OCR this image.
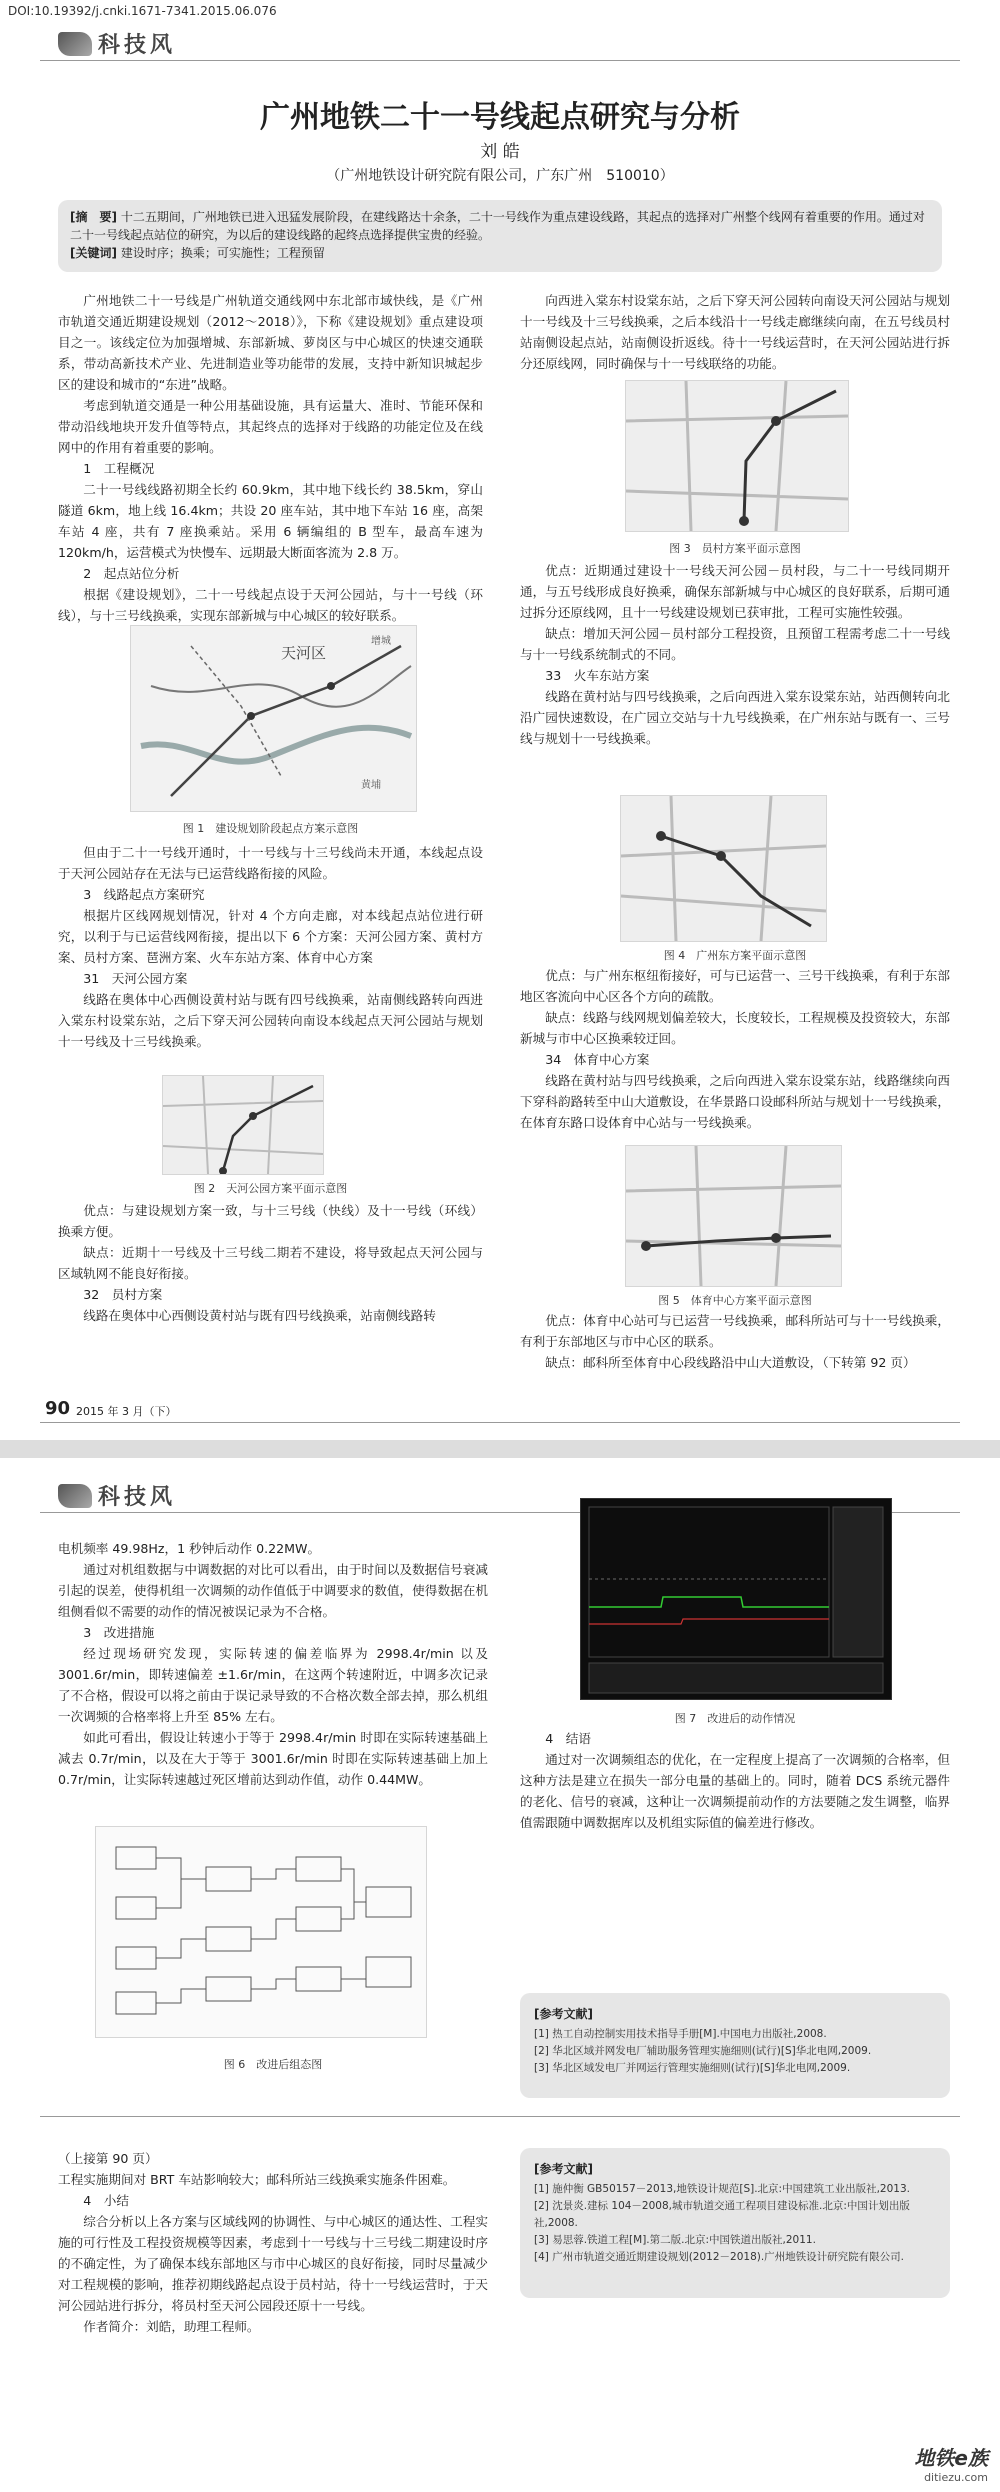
DOI:10.19392/j.cnki.1671-7341.2015.06.076
科技风
广州地铁二十一号线起点研究与分析
刘 皓
（广州地铁设计研究院有限公司，广东广州　510010）
[摘　要] 十二五期间，广州地铁已进入迅猛发展阶段，在建线路达十余条，二十一号线作为重点建设线路，其起点的选择对广州整个线网有着重要的作用。通过对二十一号线起点站位的研究，为以后的建设线路的起终点选择提供宝贵的经验。
[关键词] 建设时序；换乘；可实施性；工程预留

广州地铁二十一号线是广州轨道交通线网中东北部市域快线，是《广州市轨道交通近期建设规划（2012～2018）》，下称《建设规划》重点建设项目之一。该线定位为加强增城、东部新城、萝岗区与中心城区的快速交通联系，带动高新技术产业、先进制造业等功能带的发展，支持中新知识城起步区的建设和城市的“东进”战略。

考虑到轨道交通是一种公用基础设施，具有运量大、准时、节能环保和带动沿线地块开发升值等特点，其起终点的选择对于线路的功能定位及在线网中的作用有着重要的影响。

1　工程概况

二十一号线线路初期全长约 60.9km，其中地下线长约 38.5km，穿山隧道 6km，地上线 16.4km；共设 20 座车站，其中地下车站 16 座，高架车站 4 座，共有 7 座换乘站。采用 6 辆编组的 B 型车，最高车速为 120km/h，运营模式为快慢车、远期最大断面客流为 2.8 万。

2　起点站位分析

根据《建设规划》，二十一号线起点设于天河公园站，与十一号线（环线），与十三号线换乘，实现东部新城与中心城区的较好联系。

天河区
增城
黄埔
图 1　建设规划阶段起点方案示意图

但由于二十一号线开通时，十一号线与十三号线尚未开通，本线起点设于天河公园站存在无法与已运营线路衔接的风险。

3　线路起点方案研究

根据片区线网规划情况，针对 4 个方向走廊，对本线起点站位进行研究，以利于与已运营线网衔接，提出以下 6 个方案：天河公园方案、黄村方案、员村方案、琶洲方案、火车东站方案、体育中心方案

31　天河公园方案

线路在奥体中心西侧设黄村站与既有四号线换乘，站南侧线路转向西进入棠东村设棠东站，之后下穿天河公园转向南设本线起点天河公园站与规划十一号线及十三号线换乘。

图 2　天河公园方案平面示意图

优点：与建设规划方案一致，与十三号线（快线）及十一号线（环线）换乘方便。

缺点：近期十一号线及十三号线二期若不建设，将导致起点天河公园与区域轨网不能良好衔接。

32　员村方案

线路在奥体中心西侧设黄村站与既有四号线换乘，站南侧线路转

向西进入棠东村设棠东站，之后下穿天河公园转向南设天河公园站与规划十一号线及十三号线换乘，之后本线沿十一号线走廊继续向南，在五号线员村站南侧设起点站，站南侧设折返线。待十一号线运营时，在天河公园站进行拆分还原线网，同时确保与十一号线联络的功能。

图 3　员村方案平面示意图

优点：近期通过建设十一号线天河公园－员村段，与二十一号线同期开通，与五号线形成良好换乘，确保东部新城与中心城区的良好联系，后期可通过拆分还原线网，且十一号线建设规划已获审批，工程可实施性较强。

缺点：增加天河公园－员村部分工程投资，且预留工程需考虑二十一号线与十一号线系统制式的不同。

33　火车东站方案

线路在黄村站与四号线换乘，之后向西进入棠东设棠东站，站西侧转向北沿广园快速数设，在广园立交站与十九号线换乘，在广州东站与既有一、三号线与规划十一号线换乘。

图 4　广州东方案平面示意图

优点：与广州东枢纽衔接好，可与已运营一、三号干线换乘，有利于东部地区客流向中心区各个方向的疏散。

缺点：线路与线网规划偏差较大，长度较长，工程规模及投资较大，东部新城与市中心区换乘较迂回。

34　体育中心方案

线路在黄村站与四号线换乘，之后向西进入棠东设棠东站，线路继续向西下穿科韵路转至中山大道敷设，在华景路口设邮科所站与规划十一号线换乘，在体育东路口设体育中心站与一号线换乘。

图 5　体育中心方案平面示意图

优点：体育中心站可与已运营一号线换乘，邮科所站可与十一号线换乘，有利于东部地区与市中心区的联系。

缺点：邮科所至体育中心段线路沿中山大道敷设，（下转第 92 页）

90 2015 年 3 月（下）
科技风

电机频率 49.98Hz，1 秒钟后动作 0.22MW。

通过对机组数据与中调数据的对比可以看出，由于时间以及数据信号衰减引起的误差，使得机组一次调频的动作值低于中调要求的数值，使得数据在机组侧看似不需要的动作的情况被误记录为不合格。

3　改进措施

经过现场研究发现，实际转速的偏差临界为 2998.4r/min 以及 3001.6r/min，即转速偏差 ±1.6r/min，在这两个转速附近，中调多次记录了不合格，假设可以将之前由于误记录导致的不合格次数全部去掉，那么机组一次调频的合格率将上升至 85% 左右。

如此可看出，假设让转速小于等于 2998.4r/min 时即在实际转速基础上减去 0.7r/min，以及在大于等于 3001.6r/min 时即在实际转速基础上加上 0.7r/min，让实际转速越过死区增前达到动作值，动作 0.44MW。

图 6　改进后组态图
图 7　改进后的动作情况

4　结语

通过对一次调频组态的优化，在一定程度上提高了一次调频的合格率，但这种方法是建立在损失一部分电量的基础上的。同时，随着 DCS 系统元器件的老化、信号的衰减，这种让一次调频提前动作的方法要随之发生调整，临界值需跟随中调数据库以及机组实际值的偏差进行修改。

[参考文献]

[1] 热工自动控制实用技术指导手册[M].中国电力出版社,2008.

[2] 华北区域并网发电厂辅助服务管理实施细则(试行)[S]华北电网,2009.

[3] 华北区域发电厂并网运行管理实施细则(试行)[S]华北电网,2009.

（上接第 90 页）

工程实施期间对 BRT 车站影响较大；邮科所站三线换乘实施条件困难。

4　小结

综合分析以上各方案与区域线网的协调性、与中心城区的通达性、工程实施的可行性及工程投资规模等因素，考虑到十一号线与十三号线二期建设时序的不确定性，为了确保本线东部地区与市中心城区的良好衔接，同时尽量减少对工程规模的影响，推荐初期线路起点设于员村站，待十一号线运营时，于天河公园站进行拆分，将员村至天河公园段还原十一号线。

作者简介：刘皓，助理工程师。

[参考文献]

[1] 施仲衡 GB50157－2013,地铁设计规范[S].北京:中国建筑工业出版社,2013.

[2] 沈景炎.建标 104－2008,城市轨道交通工程项目建设标准.北京:中国计划出版社,2008.

[3] 易思蓉.铁道工程[M].第二版.北京:中国铁道出版社,2011.

[4] 广州市轨道交通近期建设规划(2012－2018).广州地铁设计研究院有限公司.

地铁e族
ditiezu.com
